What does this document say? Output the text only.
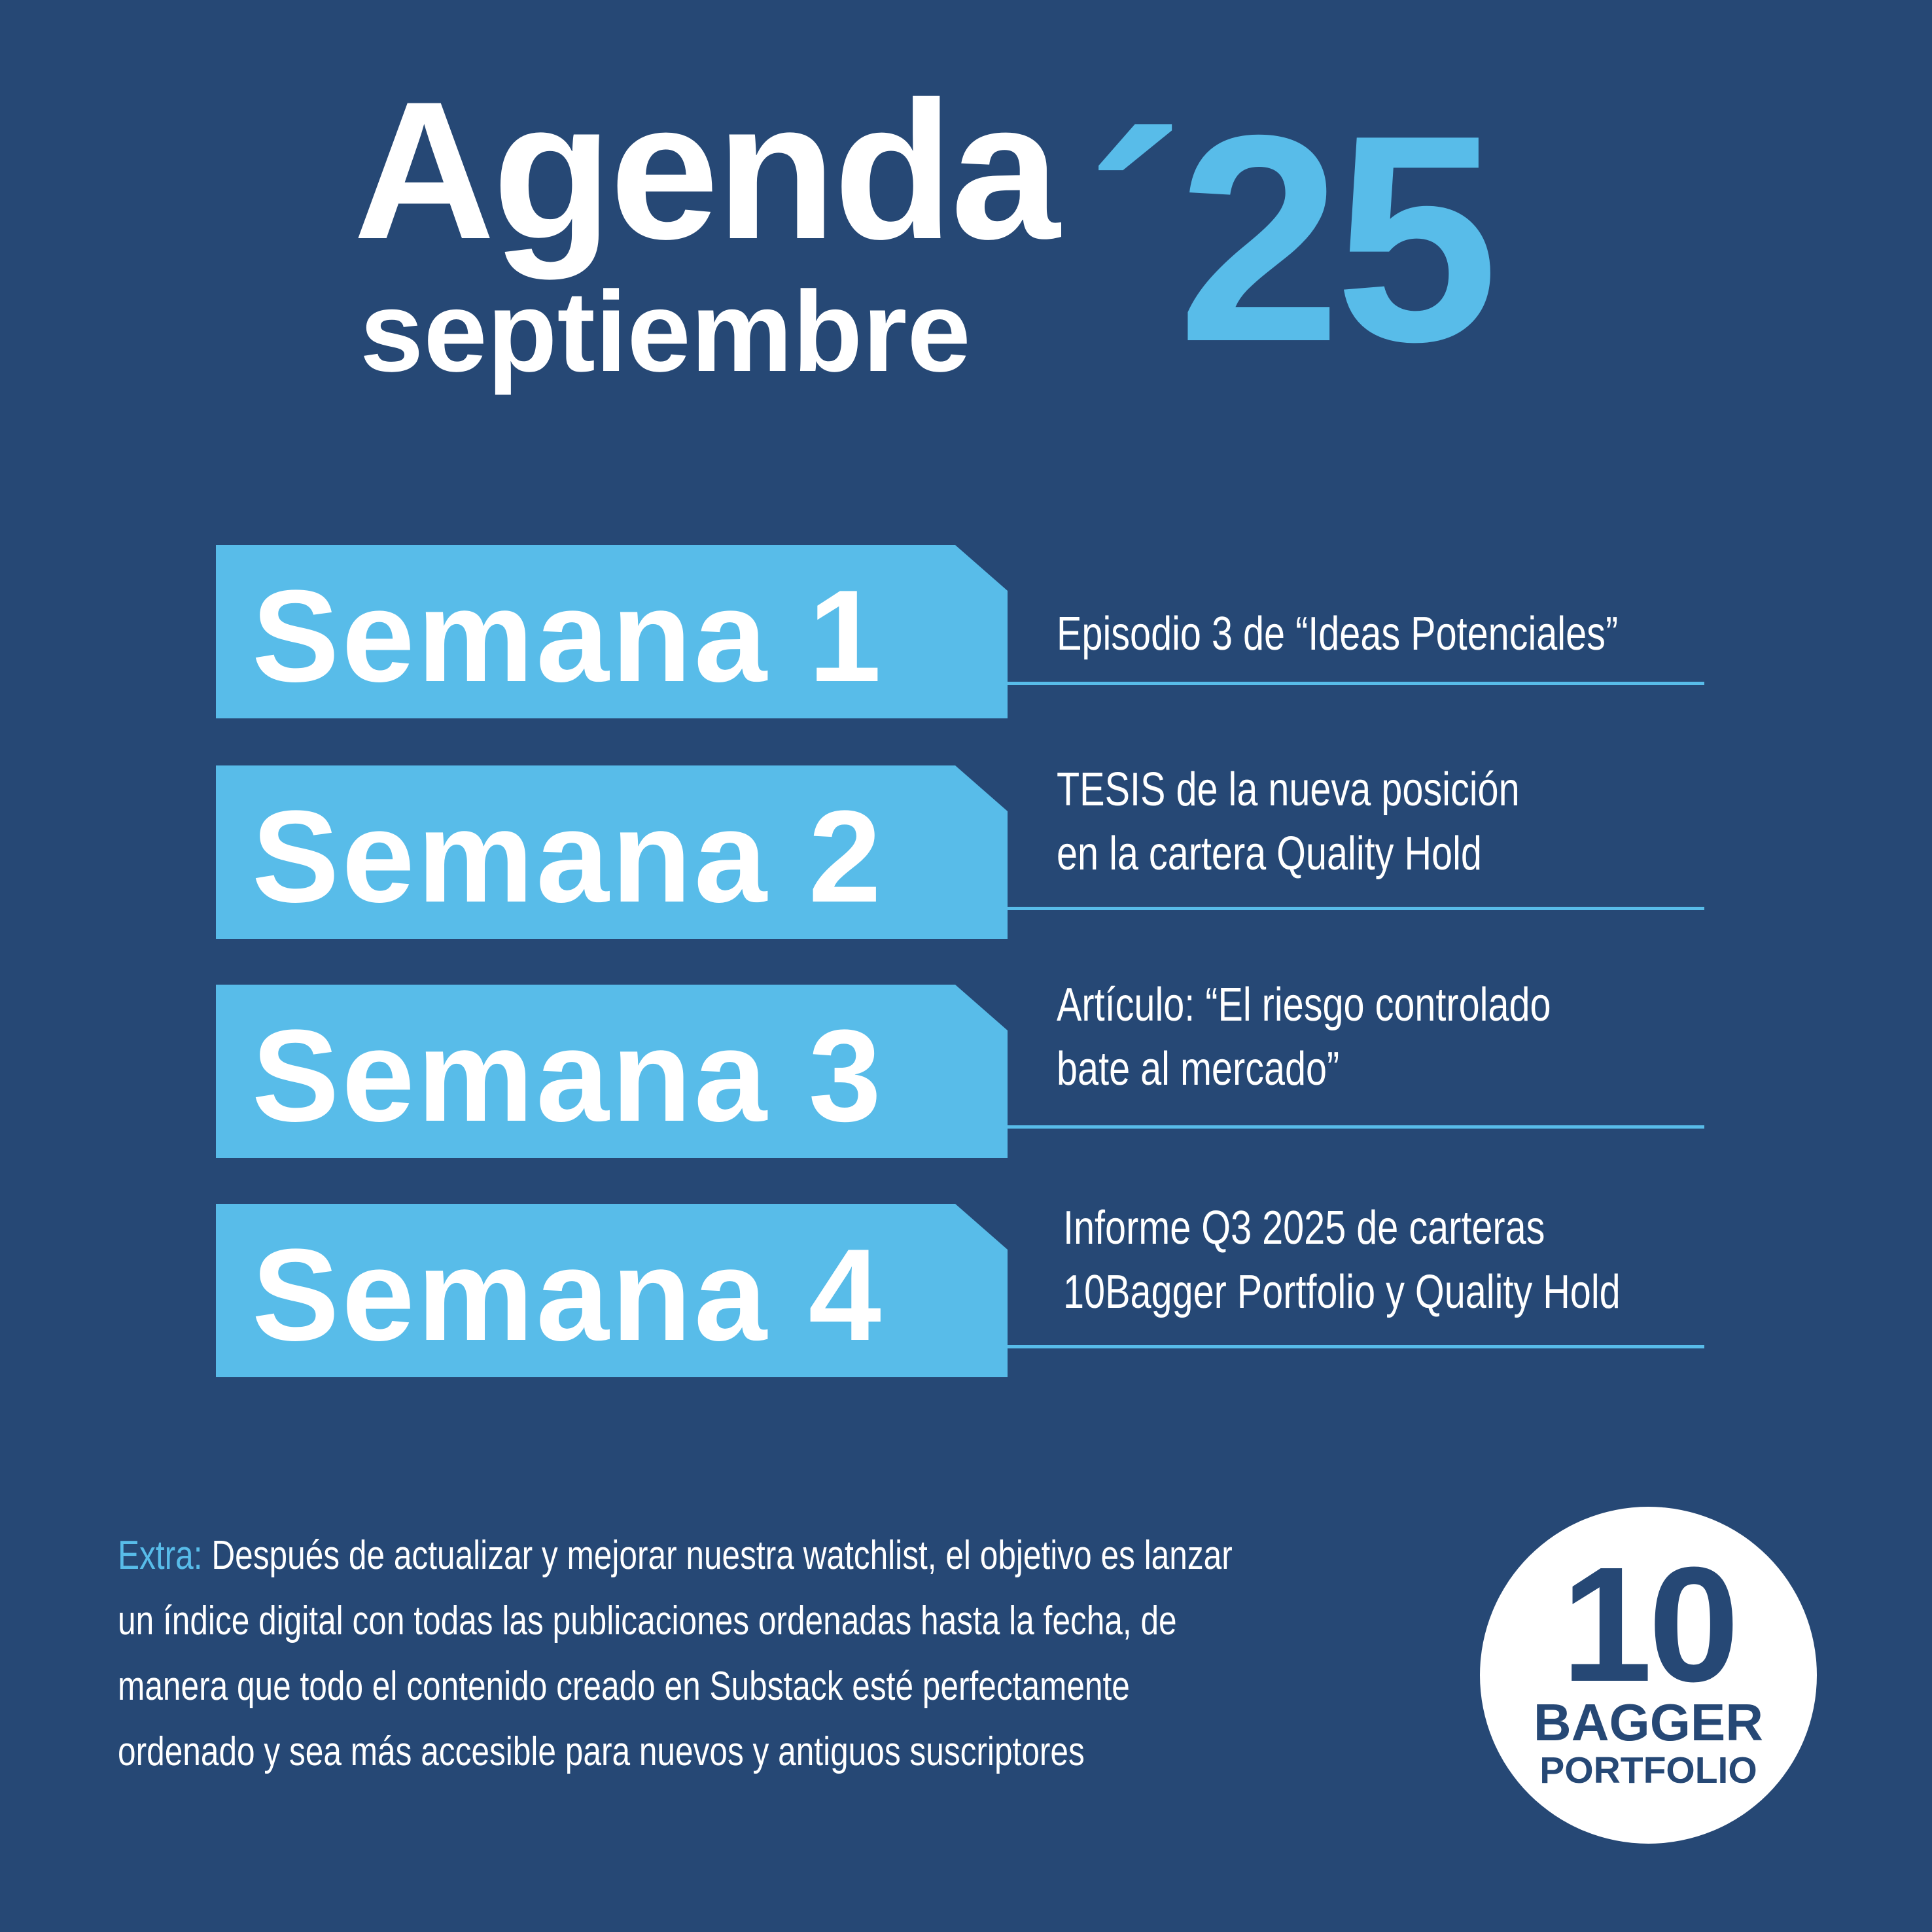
Agenda
septiembre ´25
Semana 1	Episodio 3 de “Ideas Potenciales”
Semana 2	TESIS de la nueva posición
en la cartera Quality Hold
Semana 3	Artículo: “El riesgo controlado
bate al mercado”
Semana 4	Informe Q3 2025 de carteras
10Bagger Portfolio y Quality Hold
Extra: Después de actualizar y mejorar nuestra watchlist, el objetivo es lanzar
un índice digital con todas las publicaciones ordenadas hasta la fecha, de
manera que todo el contenido creado en Substack esté perfectamente
ordenado y sea más accesible para nuevos y antiguos suscriptores
10
BAGGER
PORTFOLIO
